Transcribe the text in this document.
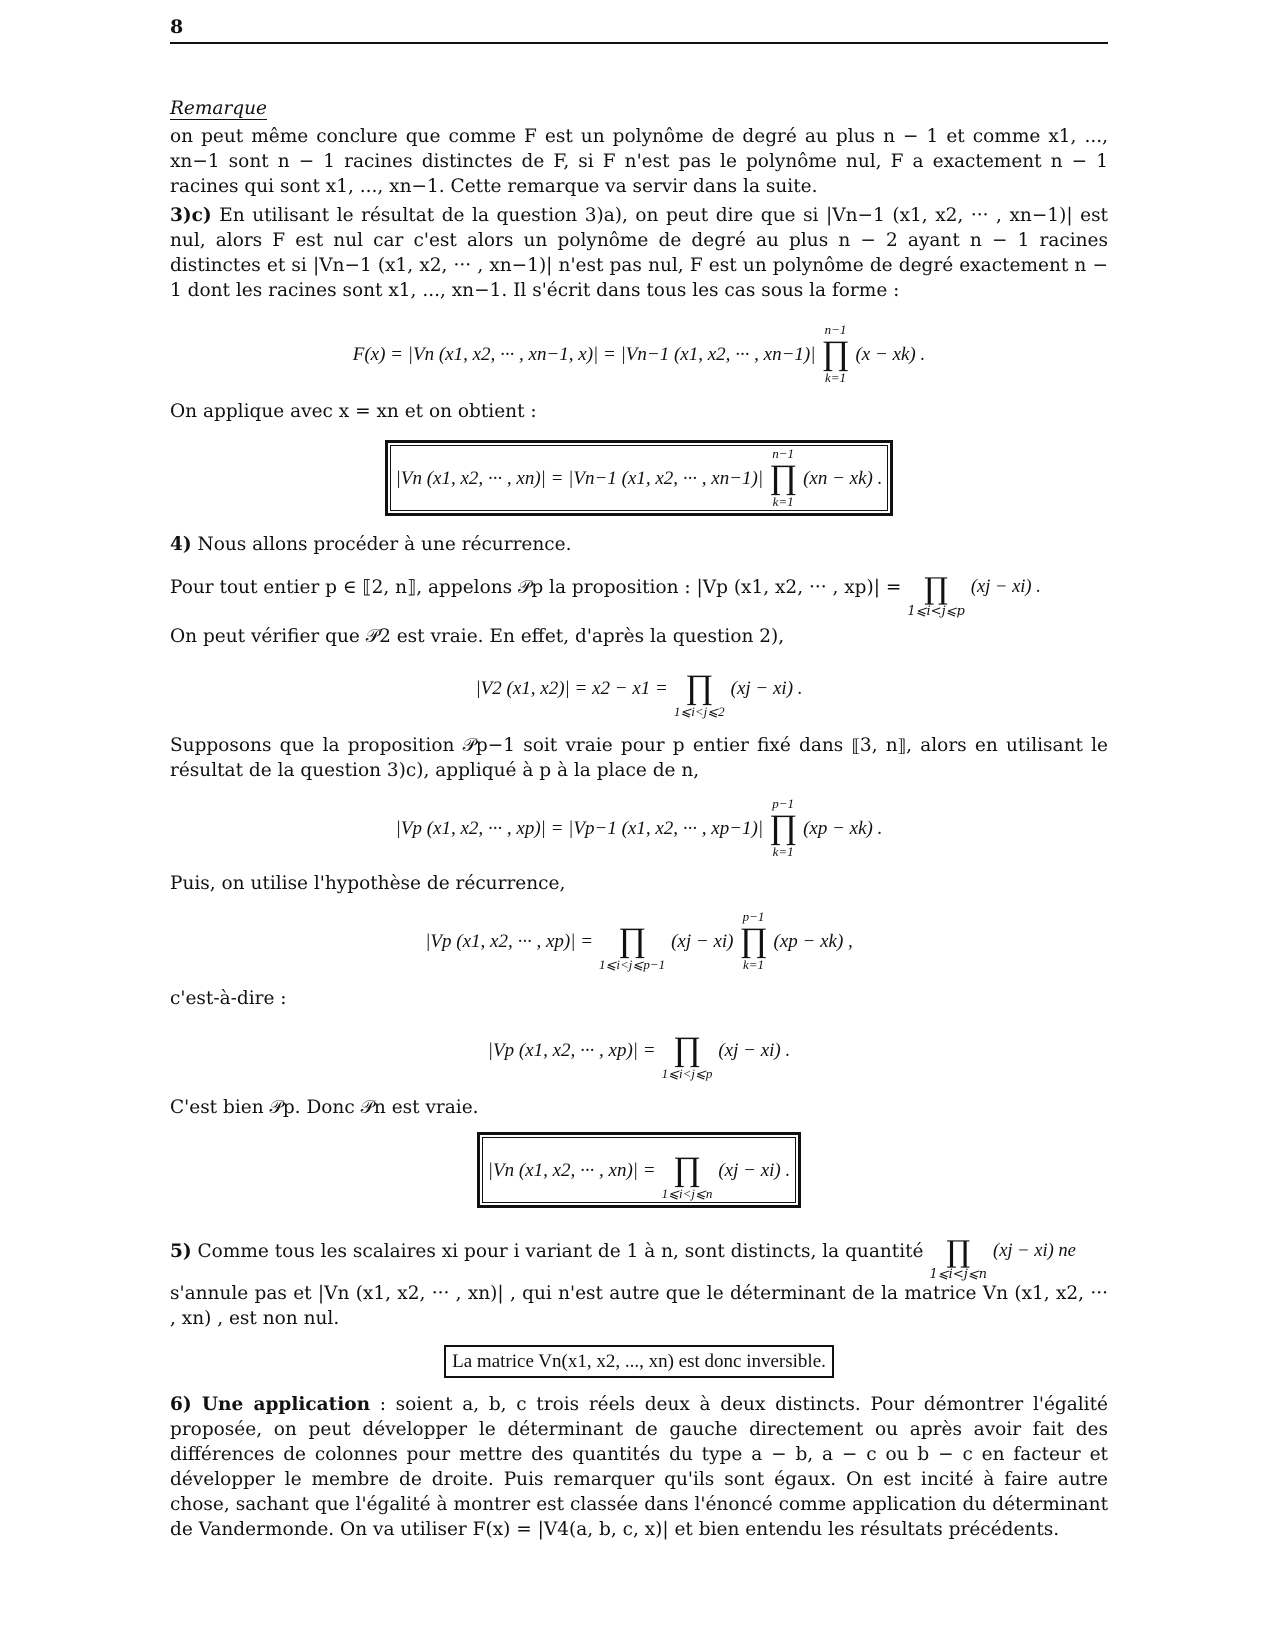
8
Remarque

on peut même conclure que comme F est un polynôme de degré au plus n − 1 et comme x1, ..., xn−1 sont n − 1 racines distinctes de F, si F n'est pas le polynôme nul, F a exactement n − 1 racines qui sont x1, ..., xn−1. Cette remarque va servir dans la suite.

3)c) En utilisant le résultat de la question 3)a), on peut dire que si |Vn−1 (x1, x2, ··· , xn−1)| est nul, alors F est nul car c'est alors un polynôme de degré au plus n − 2 ayant n − 1 racines distinctes et si |Vn−1 (x1, x2, ··· , xn−1)| n'est pas nul, F est un polynôme de degré exactement n − 1 dont les racines sont x1, ..., xn−1. Il s'écrit dans tous les cas sous la forme :

F(x) = |Vn (x1, x2, ··· , xn−1, x)| = |Vn−1 (x1, x2, ··· , xn−1)|
n−1
∏
k=1
(x − xk) .

On applique avec x = xn et on obtient :

|Vn (x1, x2, ··· , xn)| = |Vn−1 (x1, x2, ··· , xn−1)|
n−1
∏
k=1
(xn − xk) .

4) Nous allons procéder à une récurrence.

Pour tout entier p ∈ ⟦2, n⟧, appelons 𝒫p la proposition : |Vp (x1, x2, ··· , xp)| = ∏
1⩽i<j⩽p
(xj − xi) .

On peut vérifier que 𝒫2 est vraie. En effet, d'après la question 2),

|V2 (x1, x2)| = x2 − x1 = ∏
1⩽i<j⩽2
(xj − xi) .

Supposons que la proposition 𝒫p−1 soit vraie pour p entier fixé dans ⟦3, n⟧, alors en utilisant le résultat de la question 3)c), appliqué à p à la place de n,

|Vp (x1, x2, ··· , xp)| = |Vp−1 (x1, x2, ··· , xp−1)|
p−1
∏
k=1
(xp − xk) .

Puis, on utilise l'hypothèse de récurrence,

|Vp (x1, x2, ··· , xp)| = ∏
1⩽i<j⩽p−1
(xj − xi)
p−1
∏
k=1
(xp − xk) ,

c'est-à-dire :

|Vp (x1, x2, ··· , xp)| = ∏
1⩽i<j⩽p
(xj − xi) .

C'est bien 𝒫p. Donc 𝒫n est vraie.

|Vn (x1, x2, ··· , xn)| = ∏
1⩽i<j⩽n
(xj − xi) .
5)
Comme tous les scalaires xi pour i variant de 1 à n, sont distincts, la quantité ∏
1⩽i<j⩽n
(xj − xi) ne

s'annule pas et |Vn (x1, x2, ··· , xn)| , qui n'est autre que le déterminant de la matrice Vn (x1, x2, ··· , xn) , est non nul.

La matrice Vn(x1, x2, ..., xn) est donc inversible.

6) Une application : soient a, b, c trois réels deux à deux distincts. Pour démontrer l'égalité proposée, on peut développer le déterminant de gauche directement ou après avoir fait des différences de colonnes pour mettre des quantités du type a − b, a − c ou b − c en facteur et développer le membre de droite. Puis remarquer qu'ils sont égaux. On est incité à faire autre chose, sachant que l'égalité à montrer est classée dans l'énoncé comme application du déterminant de Vandermonde. On va utiliser F(x) = |V4(a, b, c, x)| et bien entendu les résultats précédents.
